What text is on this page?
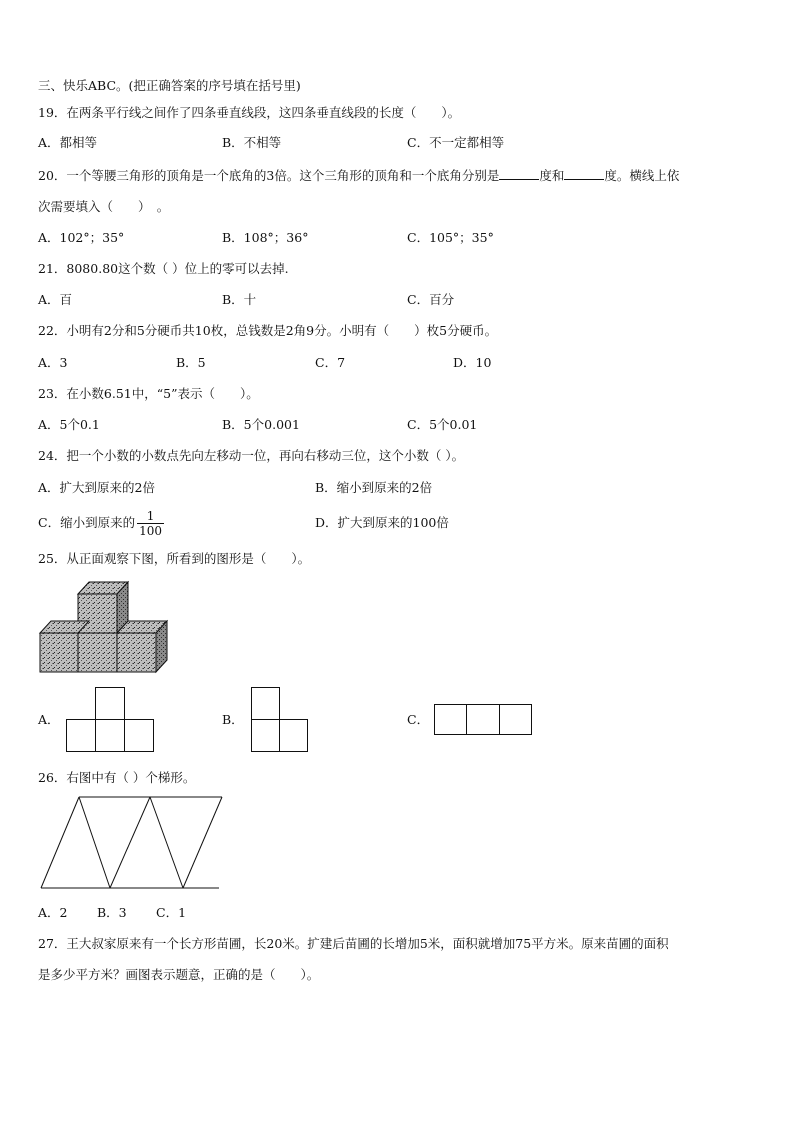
三、快乐ABC。(把正确答案的序号填在括号里)
19．在两条平行线之间作了四条垂直线段，这四条垂直线段的长度（　　）。
A．都相等	B．不相等	C．不一定都相等
20．一个等腰三角形的顶角是一个底角的3倍。这个三角形的顶角和一个底角分别是	度和	度。横线上依
次需要填入（　　）　。
A．102°；35°	B．108°；36°	C．105°；35°
21．8080.80这个数（ ）位上的零可以去掉.
A．百	B．十	C．百分
22．小明有2分和5分硬币共10枚，总钱数是2角9分。小明有（　　）枚5分硬币。
A．3	B．5	C．7	D．10
23．在小数6.51中，“5”表示（　　）。
A．5个0.1	B．5个0.001	C．5个0.01
24．把一个小数的小数点先向左移动一位，再向右移动三位，这个小数（ ）。
A．扩大到原来的2倍	B．缩小到原来的2倍
C．缩小到原来的 $\frac{1}{100}$	D．扩大到原来的100倍
25．从正面观察下图，所看到的图形是（　　）。
A．	B．	C．
26．右图中有（ ）个梯形。
A．2 B．3 C．1
27．王大叔家原来有一个长方形苗圃，长20米。扩建后苗圃的长增加5米，面积就增加75平方米。原来苗圃的面积
是多少平方米？画图表示题意，正确的是（　　）。
